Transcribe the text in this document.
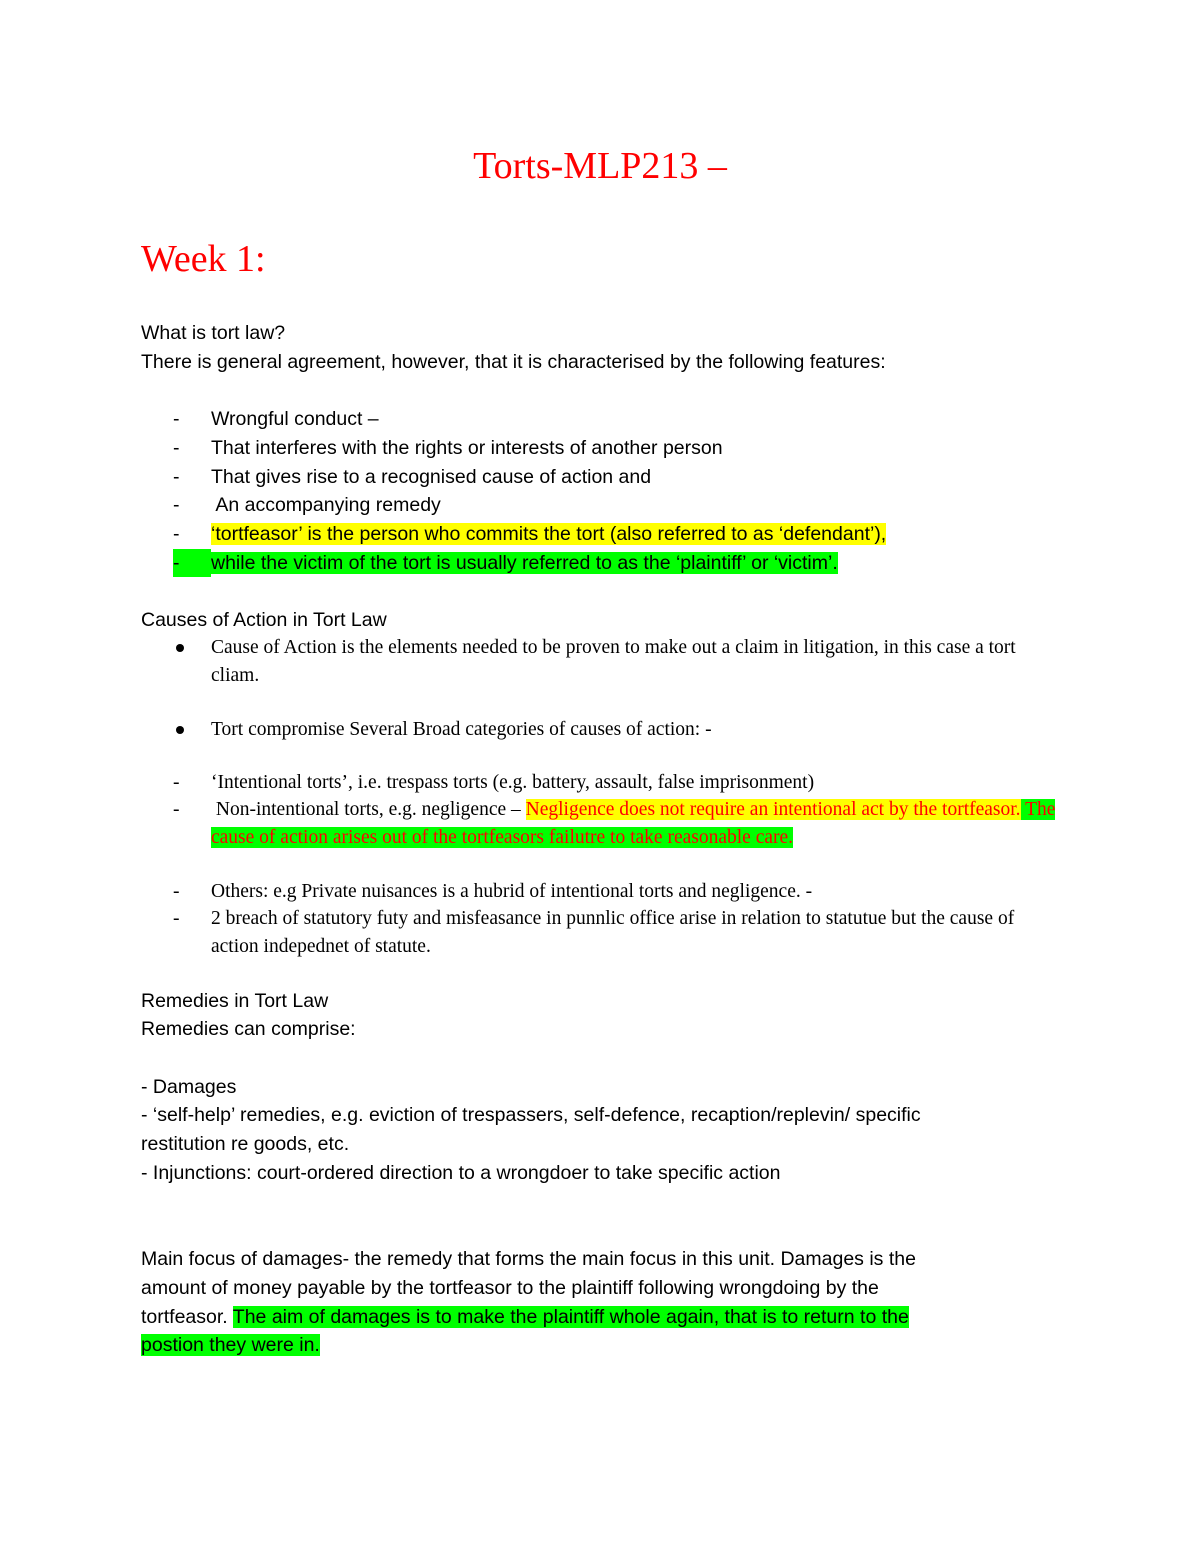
Torts-MLP213 –
Week 1:
What is tort law?
There is general agreement, however, that it is characterised by the following features:
- Wrongful conduct –
- That interferes with the rights or interests of another person
- That gives rise to a recognised cause of action and
- An accompanying remedy
- ‘tortfeasor’ is the person who commits the tort (also referred to as ‘defendant’),
- while the victim of the tort is usually referred to as the ‘plaintiff’ or ‘victim’.
Causes of Action in Tort Law
Cause of Action is the elements needed to be proven to make out a claim in litigation, in this case a tort cliam.
Tort compromise Several Broad categories of causes of action: -
- ‘Intentional torts’, i.e. trespass torts (e.g. battery, assault, false imprisonment)
- Non-intentional torts, e.g. negligence – Negligence does not require an intentional act by the tortfeasor. The cause of action arises out of the tortfeasors failutre to take reasonable care.
- Others: e.g Private nuisances is a hubrid of intentional torts and negligence. -
- 2 breach of statutory futy and misfeasance in punnlic office arise in relation to statutue but the cause of action indepednet of statute.
Remedies in Tort Law
Remedies can comprise:
- Damages
- ‘self-help’ remedies, e.g. eviction of trespassers, self-defence, recaption/replevin/ specific
restitution re goods, etc.
- Injunctions: court-ordered direction to a wrongdoer to take specific action
Main focus of damages- the remedy that forms the main focus in this unit. Damages is the
amount of money payable by the tortfeasor to the plaintiff following wrongdoing by the
tortfeasor. The aim of damages is to make the plaintiff whole again, that is to return to the
postion they were in.
